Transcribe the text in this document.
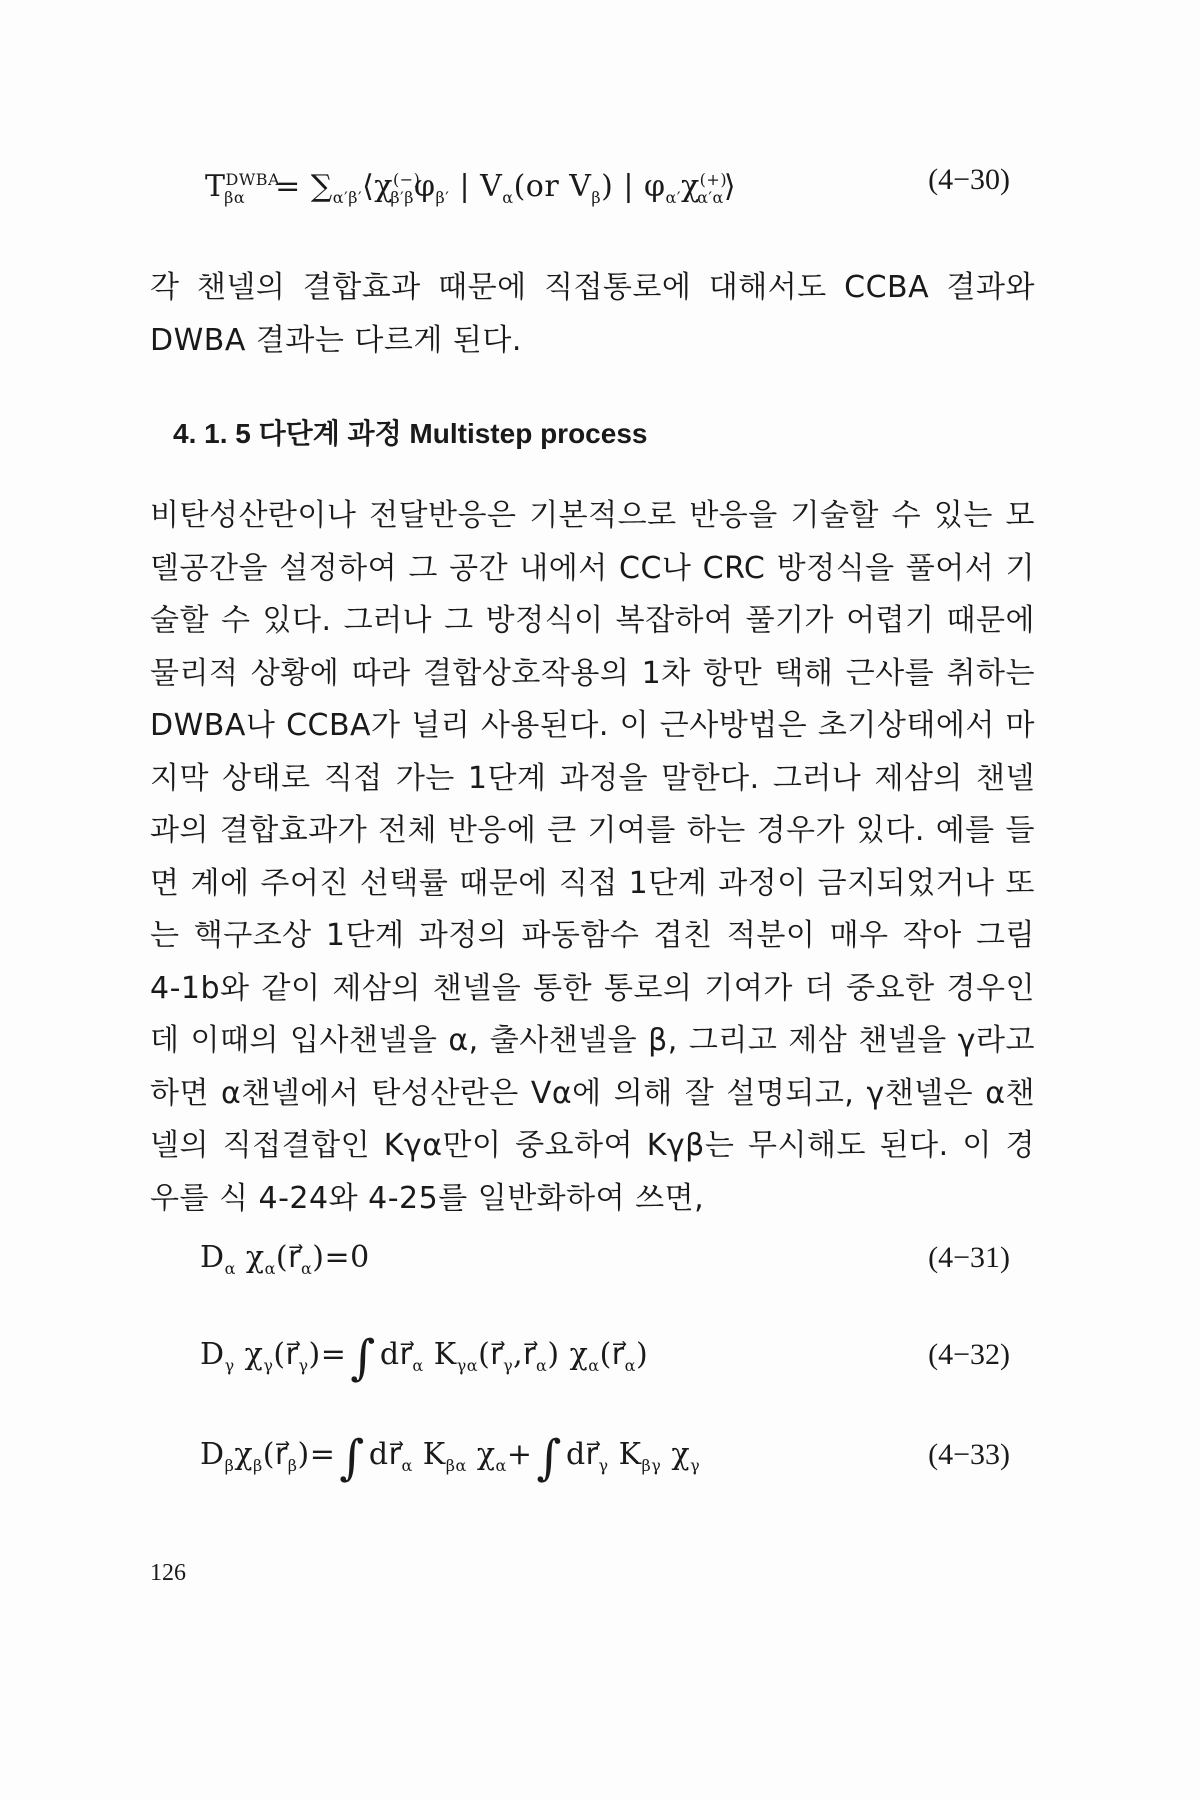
$T^{DWBA}_{\beta\alpha}$ = $\sum_{\alpha'\beta'}⟨\chi^{(-)}_{\beta'\beta}\varphi_{\beta'}$ | $V_\alpha(or$ $V_\beta$) | $\varphi_{\alpha'}\chi^{(+)}_{\alpha'\alpha}⟩$	(4−30)

각 챈넬의 결합효과 때문에 직접통로에 대해서도 CCBA 결과와 DWBA 결과는 다르게 된다.

4. 1. 5 다단계 과정 Multistep process

비탄성산란이나 전달반응은 기본적으로 반응을 기술할 수 있는 모델공간을 설정하여 그 공간 내에서 CC나 CRC 방정식을 풀어서 기술할 수 있다. 그러나 그 방정식이 복잡하여 풀기가 어렵기 때문에 물리적 상황에 따라 결합상호작용의 1차 항만 택해 근사를 취하는 DWBA나 CCBA가 널리 사용된다. 이 근사방법은 초기상태에서 마지막 상태로 직접 가는 1단계 과정을 말한다. 그러나 제삼의 챈넬과의 결합효과가 전체 반응에 큰 기여를 하는 경우가 있다. 예를 들면 계에 주어진 선택률 때문에 직접 1단계 과정이 금지되었거나 또는 핵구조상 1단계 과정의 파동함수 겹친 적분이 매우 작아 그림 4-1b와 같이 제삼의 챈넬을 통한 통로의 기여가 더 중요한 경우인데 이때의 입사챈넬을 α, 출사챈넬을 β, 그리고 제삼 챈넬을 γ라고 하면 α챈넬에서 탄성산란은 Vα에 의해 잘 설명되고, γ챈넬은 α챈넬의 직접결합인 Kγα만이 중요하여 Kγβ는 무시해도 된다. 이 경우를 식 4-24와 4-25를 일반화하여 쓰면,

$D_\alpha$ $\chi_\alpha(r⃗_\alpha)=0$	(4−31)
$D_\gamma$ $\chi_\gamma(r⃗_\gamma)=\int$ $dr⃗_\alpha$ $K_{\gamma\alpha}(r⃗_\gamma,r⃗_\alpha)$ $\chi_\alpha(r⃗_\alpha)$	(4−32)
$D_\beta\chi_\beta(r⃗_\beta)=\int$ $dr⃗_\alpha$ $K_{\beta\alpha}$ $\chi_\alpha+\int$ $dr⃗_\gamma$ $K_{\beta\gamma}$ $\chi_\gamma$	(4−33)
126
